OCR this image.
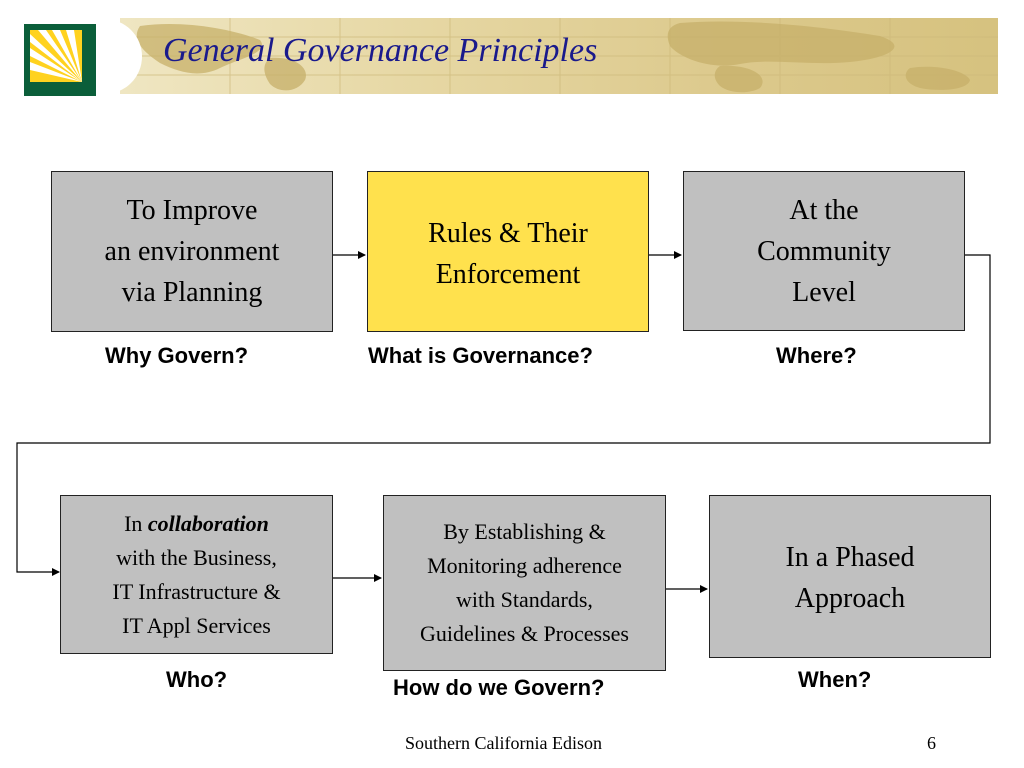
General Governance Principles
To Improve
an environment
via Planning
Rules & Their
Enforcement
At the
Community
Level
Why Govern?	What is Governance?	Where?
In collaboration
with the Business,
IT Infrastructure &
IT Appl Services
By Establishing &
Monitoring adherence
with Standards,
Guidelines & Processes
In a Phased
Approach
Who?	How do we Govern?	When?
Southern California Edison	6
